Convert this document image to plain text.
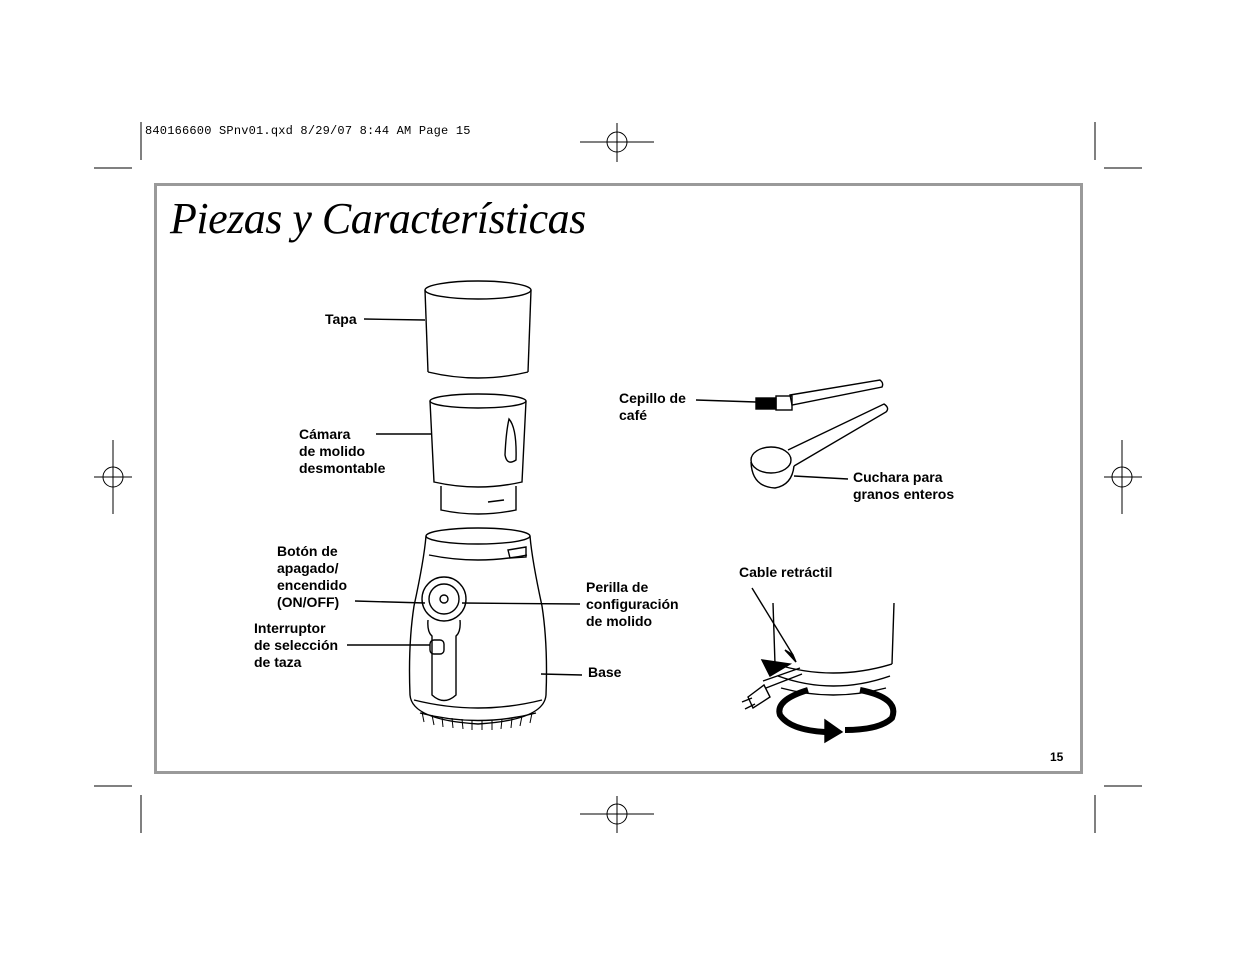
840166600 SPnv01.qxd 8/29/07 8:44 AM Page 15
Piezas y Características
Tapa
Cámara
de molido
desmontable
Botón de
apagado/
encendido
(ON/OFF)
Interruptor
de selección
de taza
Cepillo de
café
Cuchara para
granos enteros
Perilla de
configuración
de molido
Base
Cable retráctil
15
